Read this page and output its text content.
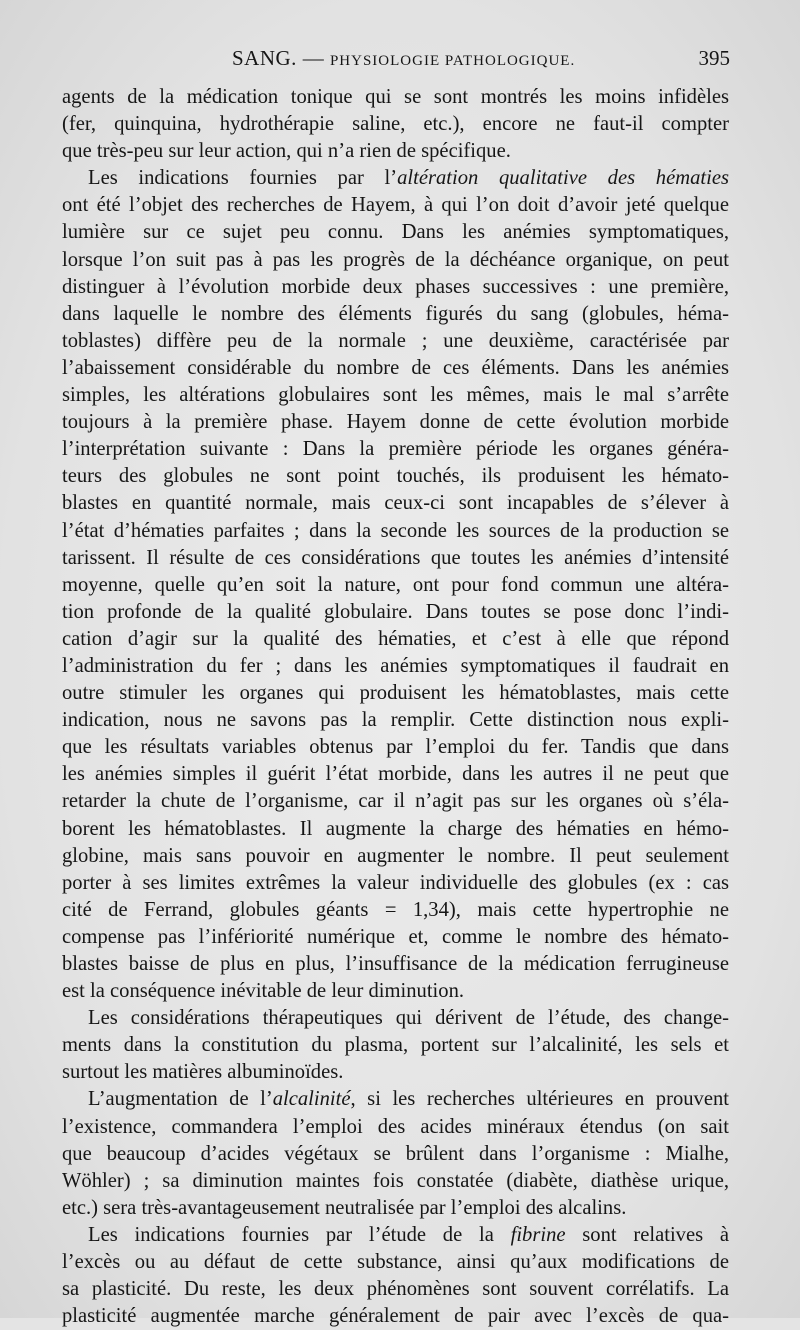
SANG. — PHYSIOLOGIE PATHOLOGIQUE.	395
agents de la médication tonique qui se sont montrés les moins infidèles
(fer, quinquina, hydrothérapie saline, etc.), encore ne faut-il compter
que très-peu sur leur action, qui n’a rien de spécifique.
Les indications fournies par l’altération qualitative des hématies
ont été l’objet des recherches de Hayem, à qui l’on doit d’avoir jeté quelque
lumière sur ce sujet peu connu. Dans les anémies symptomatiques,
lorsque l’on suit pas à pas les progrès de la déchéance organique, on peut
distinguer à l’évolution morbide deux phases successives : une première,
dans laquelle le nombre des éléments figurés du sang (globules, héma-
toblastes) diffère peu de la normale ; une deuxième, caractérisée par
l’abaissement considérable du nombre de ces éléments. Dans les anémies
simples, les altérations globulaires sont les mêmes, mais le mal s’arrête
toujours à la première phase. Hayem donne de cette évolution morbide
l’interprétation suivante : Dans la première période les organes généra-
teurs des globules ne sont point touchés, ils produisent les hémato-
blastes en quantité normale, mais ceux-ci sont incapables de s’élever à
l’état d’hématies parfaites ; dans la seconde les sources de la production se
tarissent. Il résulte de ces considérations que toutes les anémies d’intensité
moyenne, quelle qu’en soit la nature, ont pour fond commun une altéra-
tion profonde de la qualité globulaire. Dans toutes se pose donc l’indi-
cation d’agir sur la qualité des hématies, et c’est à elle que répond
l’administration du fer ; dans les anémies symptomatiques il faudrait en
outre stimuler les organes qui produisent les hématoblastes, mais cette
indication, nous ne savons pas la remplir. Cette distinction nous expli-
que les résultats variables obtenus par l’emploi du fer. Tandis que dans
les anémies simples il guérit l’état morbide, dans les autres il ne peut que
retarder la chute de l’organisme, car il n’agit pas sur les organes où s’éla-
borent les hématoblastes. Il augmente la charge des hématies en hémo-
globine, mais sans pouvoir en augmenter le nombre. Il peut seulement
porter à ses limites extrêmes la valeur individuelle des globules (ex : cas
cité de Ferrand, globules géants = 1,34), mais cette hypertrophie ne
compense pas l’infériorité numérique et, comme le nombre des hémato-
blastes baisse de plus en plus, l’insuffisance de la médication ferrugineuse
est la conséquence inévitable de leur diminution.
Les considérations thérapeutiques qui dérivent de l’étude, des change-
ments dans la constitution du plasma, portent sur l’alcalinité, les sels et
surtout les matières albuminoïdes.
L’augmentation de l’alcalinité, si les recherches ultérieures en prouvent
l’existence, commandera l’emploi des acides minéraux étendus (on sait
que beaucoup d’acides végétaux se brûlent dans l’organisme : Mialhe,
Wöhler) ; sa diminution maintes fois constatée (diabète, diathèse urique,
etc.) sera très-avantageusement neutralisée par l’emploi des alcalins.
Les indications fournies par l’étude de la fibrine sont relatives à
l’excès ou au défaut de cette substance, ainsi qu’aux modifications de
sa plasticité. Du reste, les deux phénomènes sont souvent corrélatifs. La
plasticité augmentée marche généralement de pair avec l’excès de qua-
